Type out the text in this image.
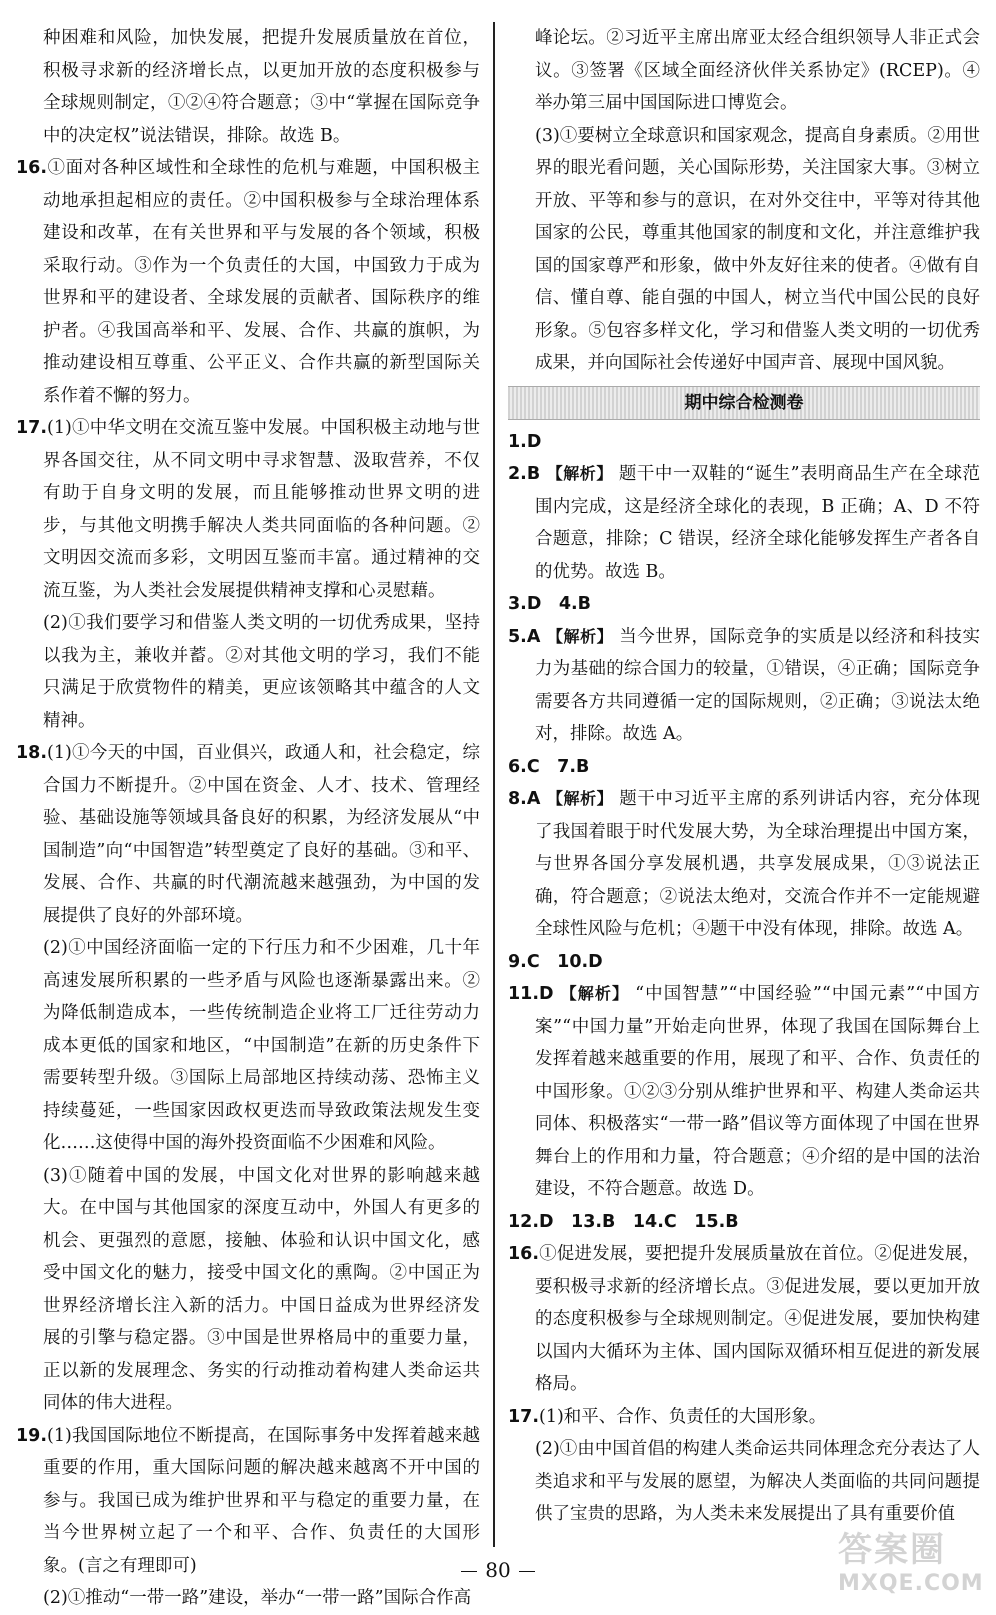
种困难和风险，加快发展，把提升发展质量放在首位，积极寻求新的经济增长点，以更加开放的态度积极参与全球规则制定，①②④符合题意；③中“掌握在国际竞争中的决定权”说法错误，排除。故选 B。

16.①面对各种区域性和全球性的危机与难题，中国积极主动地承担起相应的责任。②中国积极参与全球治理体系建设和改革，在有关世界和平与发展的各个领域，积极采取行动。③作为一个负责任的大国，中国致力于成为世界和平的建设者、全球发展的贡献者、国际秩序的维护者。④我国高举和平、发展、合作、共赢的旗帜，为推动建设相互尊重、公平正义、合作共赢的新型国际关系作着不懈的努力。

17.(1)①中华文明在交流互鉴中发展。中国积极主动地与世界各国交往，从不同文明中寻求智慧、汲取营养，不仅有助于自身文明的发展，而且能够推动世界文明的进步，与其他文明携手解决人类共同面临的各种问题。②文明因交流而多彩，文明因互鉴而丰富。通过精神的交流互鉴，为人类社会发展提供精神支撑和心灵慰藉。

(2)①我们要学习和借鉴人类文明的一切优秀成果，坚持以我为主，兼收并蓄。②对其他文明的学习，我们不能只满足于欣赏物件的精美，更应该领略其中蕴含的人文精神。

18.(1)①今天的中国，百业俱兴，政通人和，社会稳定，综合国力不断提升。②中国在资金、人才、技术、管理经验、基础设施等领域具备良好的积累，为经济发展从“中国制造”向“中国智造”转型奠定了良好的基础。③和平、发展、合作、共赢的时代潮流越来越强劲，为中国的发展提供了良好的外部环境。

(2)①中国经济面临一定的下行压力和不少困难，几十年高速发展所积累的一些矛盾与风险也逐渐暴露出来。②为降低制造成本，一些传统制造企业将工厂迁往劳动力成本更低的国家和地区，“中国制造”在新的历史条件下需要转型升级。③国际上局部地区持续动荡、恐怖主义持续蔓延，一些国家因政权更迭而导致政策法规发生变化……这使得中国的海外投资面临不少困难和风险。

(3)①随着中国的发展，中国文化对世界的影响越来越大。在中国与其他国家的深度互动中，外国人有更多的机会、更强烈的意愿，接触、体验和认识中国文化，感受中国文化的魅力，接受中国文化的熏陶。②中国正为世界经济增长注入新的活力。中国日益成为世界经济发展的引擎与稳定器。③中国是世界格局中的重要力量，正以新的发展理念、务实的行动推动着构建人类命运共同体的伟大进程。

19.(1)我国国际地位不断提高，在国际事务中发挥着越来越重要的作用，重大国际问题的解决越来越离不开中国的参与。我国已成为维护世界和平与稳定的重要力量，在当今世界树立起了一个和平、合作、负责任的大国形象。(言之有理即可)

(2)①推动“一带一路”建设，举办“一带一路”国际合作高

峰论坛。②习近平主席出席亚太经合组织领导人非正式会议。③签署《区域全面经济伙伴关系协定》(RCEP)。④举办第三届中国国际进口博览会。

(3)①要树立全球意识和国家观念，提高自身素质。②用世界的眼光看问题，关心国际形势，关注国家大事。③树立开放、平等和参与的意识，在对外交往中，平等对待其他国家的公民，尊重其他国家的制度和文化，并注意维护我国的国家尊严和形象，做中外友好往来的使者。④做有自信、懂自尊、能自强的中国人，树立当代中国公民的良好形象。⑤包容多样文化，学习和借鉴人类文明的一切优秀成果，并向国际社会传递好中国声音、展现中国风貌。

期中综合检测卷

1.D

2.B 【解析】 题干中一双鞋的“诞生”表明商品生产在全球范围内完成，这是经济全球化的表现，B 正确；A、D 不符合题意，排除；C 错误，经济全球化能够发挥生产者各自的优势。故选 B。

3.D　4.B

5.A 【解析】 当今世界，国际竞争的实质是以经济和科技实力为基础的综合国力的较量，①错误，④正确；国际竞争需要各方共同遵循一定的国际规则，②正确；③说法太绝对，排除。故选 A。

6.C　7.B

8.A 【解析】 题干中习近平主席的系列讲话内容，充分体现了我国着眼于时代发展大势，为全球治理提出中国方案，与世界各国分享发展机遇，共享发展成果，①③说法正确，符合题意；②说法太绝对，交流合作并不一定能规避全球性风险与危机；④题干中没有体现，排除。故选 A。

9.C　10.D

11.D 【解析】 “中国智慧”“中国经验”“中国元素”“中国方案”“中国力量”开始走向世界，体现了我国在国际舞台上发挥着越来越重要的作用，展现了和平、合作、负责任的中国形象。①②③分别从维护世界和平、构建人类命运共同体、积极落实“一带一路”倡议等方面体现了中国在世界舞台上的作用和力量，符合题意；④介绍的是中国的法治建设，不符合题意。故选 D。

12.D　13.B　14.C　15.B

16.①促进发展，要把提升发展质量放在首位。②促进发展，要积极寻求新的经济增长点。③促进发展，要以更加开放的态度积极参与全球规则制定。④促进发展，要加快构建以国内大循环为主体、国内国际双循环相互促进的新发展格局。

17.(1)和平、合作、负责任的大国形象。

(2)①由中国首倡的构建人类命运共同体理念充分表达了人类追求和平与发展的愿望，为解决人类面临的共同问题提供了宝贵的思路，为人类未来发展提出了具有重要价值

80	答案圈
MXQE.COM
